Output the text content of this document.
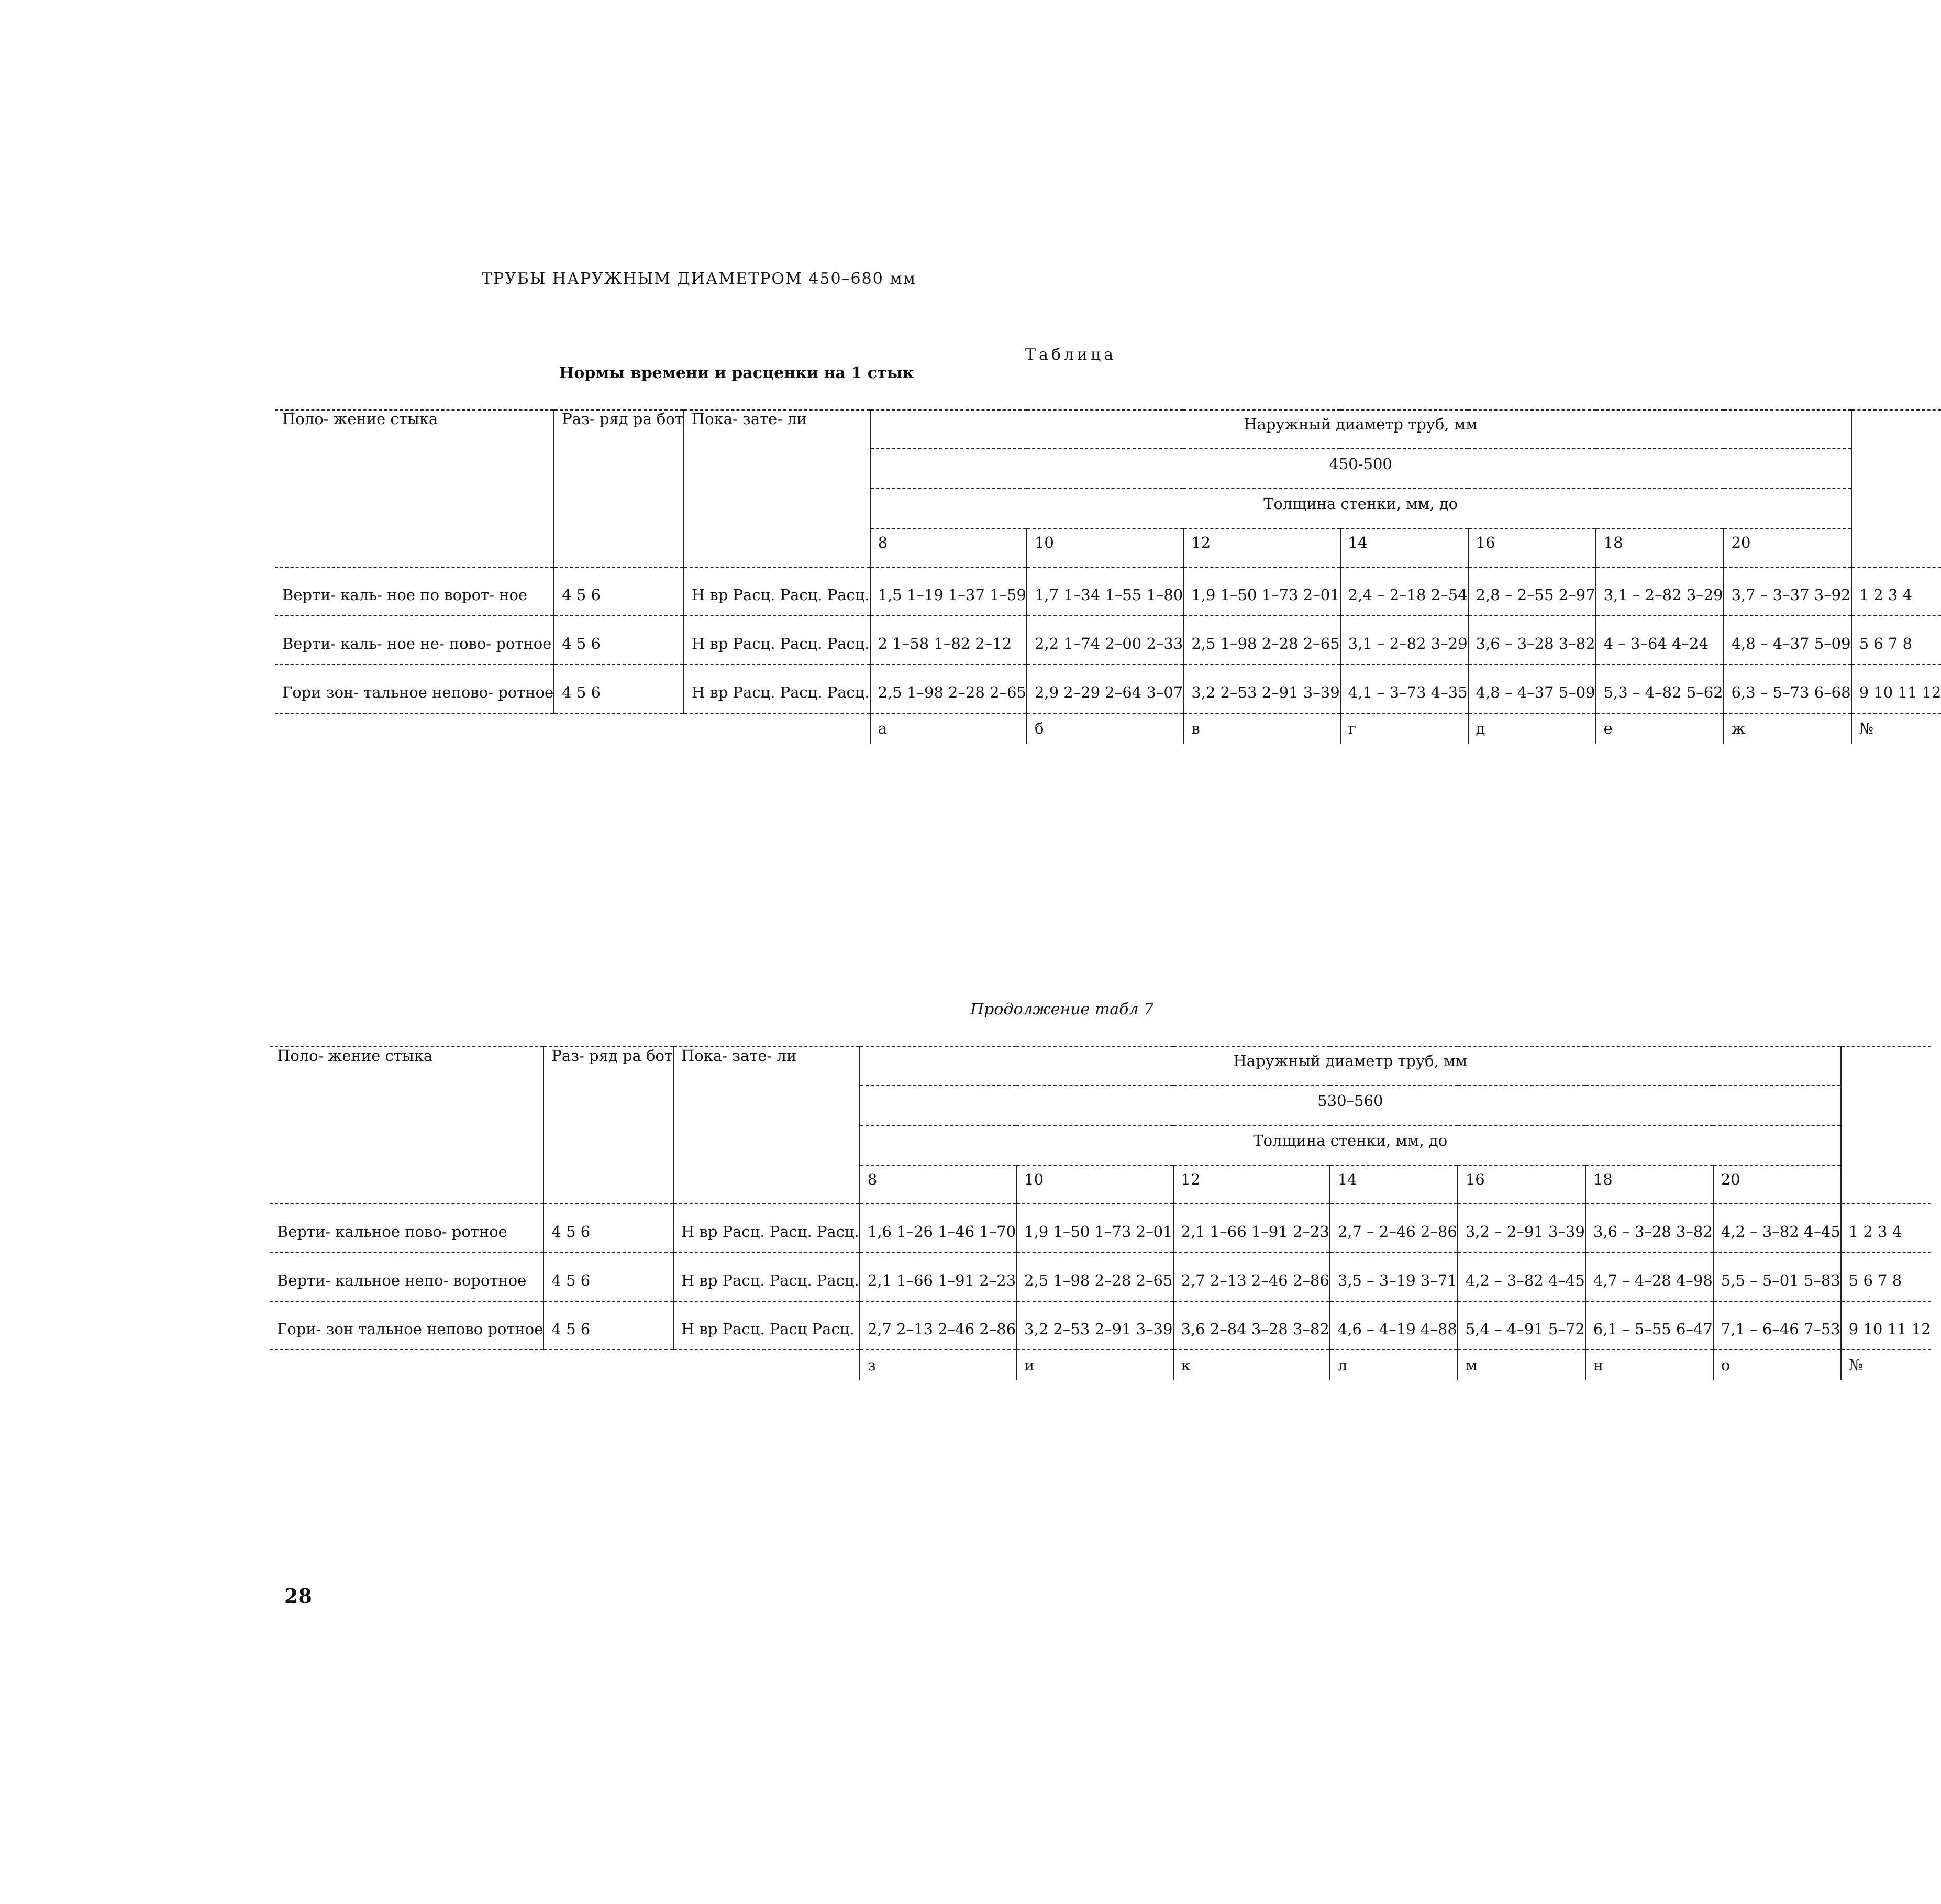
ТРУБЫ НАРУЖНЫМ ДИАМЕТРОМ 450–680 мм
Таблица
Нормы времени и расценки на 1 стык
Поло- жение стыка	Раз- ряд ра бот	Пока- зате- ли	Наружный диаметр труб, мм							
			450-500							
			Толщина стенки, мм, до							
			8	10	12	14	16	18	20	
Верти- каль- ное по ворот- ное	4 5 6	Н вр Расц. Расц. Расц.	1,5 1–19 1–37 1–59	1,7 1–34 1–55 1–80	1,9 1–50 1–73 2–01	2,4 – 2–18 2–54	2,8 – 2–55 2–97	3,1 – 2–82 3–29	3,7 – 3–37 3–92	1 2 3 4
Верти- каль- ное не- пово- ротное	4 5 6	Н вр Расц. Расц. Расц.	2 1–58 1–82 2–12	2,2 1–74 2–00 2–33	2,5 1–98 2–28 2–65	3,1 – 2–82 3–29	3,6 – 3–28 3–82	4 – 3–64 4–24	4,8 – 4–37 5–09	5 6 7 8
Гори зон- тальное непово- ротное	4 5 6	Н вр Расц. Расц. Расц.	2,5 1–98 2–28 2–65	2,9 2–29 2–64 3–07	3,2 2–53 2–91 3–39	4,1 – 3–73 4–35	4,8 – 4–37 5–09	5,3 – 4–82 5–62	6,3 – 5–73 6–68	9 10 11 12
			а	б	в	г	д	е	ж	№
Продолжение табл 7
Поло- жение стыка	Раз- ряд ра бот	Пока- зате- ли	Наружный диаметр труб, мм							
			530–560							
			Толщина стенки, мм, до							
			8	10	12	14	16	18	20	
Верти- кальное пово- ротное	4 5 6	Н вр Расц. Расц. Расц.	1,6 1–26 1–46 1–70	1,9 1–50 1–73 2–01	2,1 1–66 1–91 2–23	2,7 – 2–46 2–86	3,2 – 2–91 3–39	3,6 – 3–28 3–82	4,2 – 3–82 4–45	1 2 3 4
Верти- кальное непо- воротное	4 5 6	Н вр Расц. Расц. Расц.	2,1 1–66 1–91 2–23	2,5 1–98 2–28 2–65	2,7 2–13 2–46 2–86	3,5 – 3–19 3–71	4,2 – 3–82 4–45	4,7 – 4–28 4–98	5,5 – 5–01 5–83	5 6 7 8
Гори- зон тальное непово ротное	4 5 6	Н вр Расц. Расц Расц.	2,7 2–13 2–46 2–86	3,2 2–53 2–91 3–39	3,6 2–84 3–28 3–82	4,6 – 4–19 4–88	5,4 – 4–91 5–72	6,1 – 5–55 6–47	7,1 – 6–46 7–53	9 10 11 12
			з	и	к	л	м	н	о	№
28
